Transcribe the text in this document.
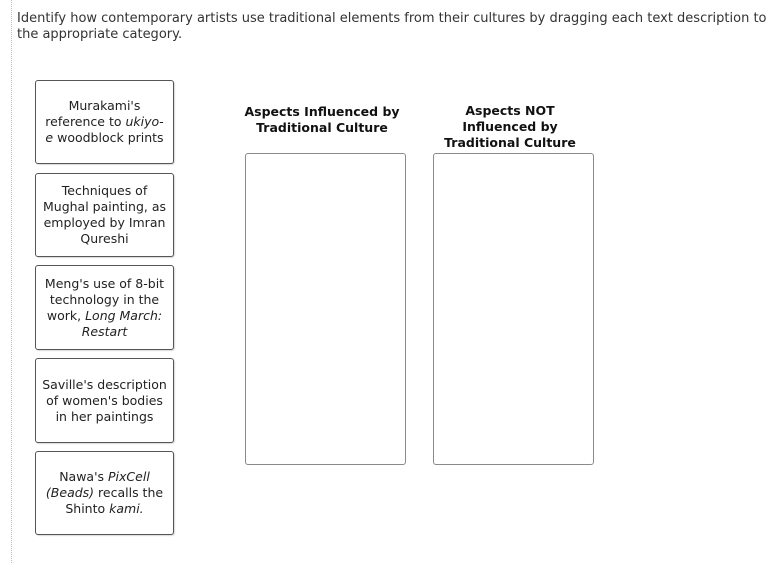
Identify how contemporary artists use traditional elements from their cultures by dragging each text description to the appropriate category.
Murakami's reference to ukiyo-e woodblock prints
Techniques of Mughal painting, as employed by Imran Qureshi
Meng's use of 8-bit technology in the work, Long March: Restart
Saville's description of women's bodies in her paintings
Nawa's PixCell (Beads) recalls the Shinto kami.
Aspects Influenced by Traditional Culture
Aspects NOT Influenced by Traditional Culture
